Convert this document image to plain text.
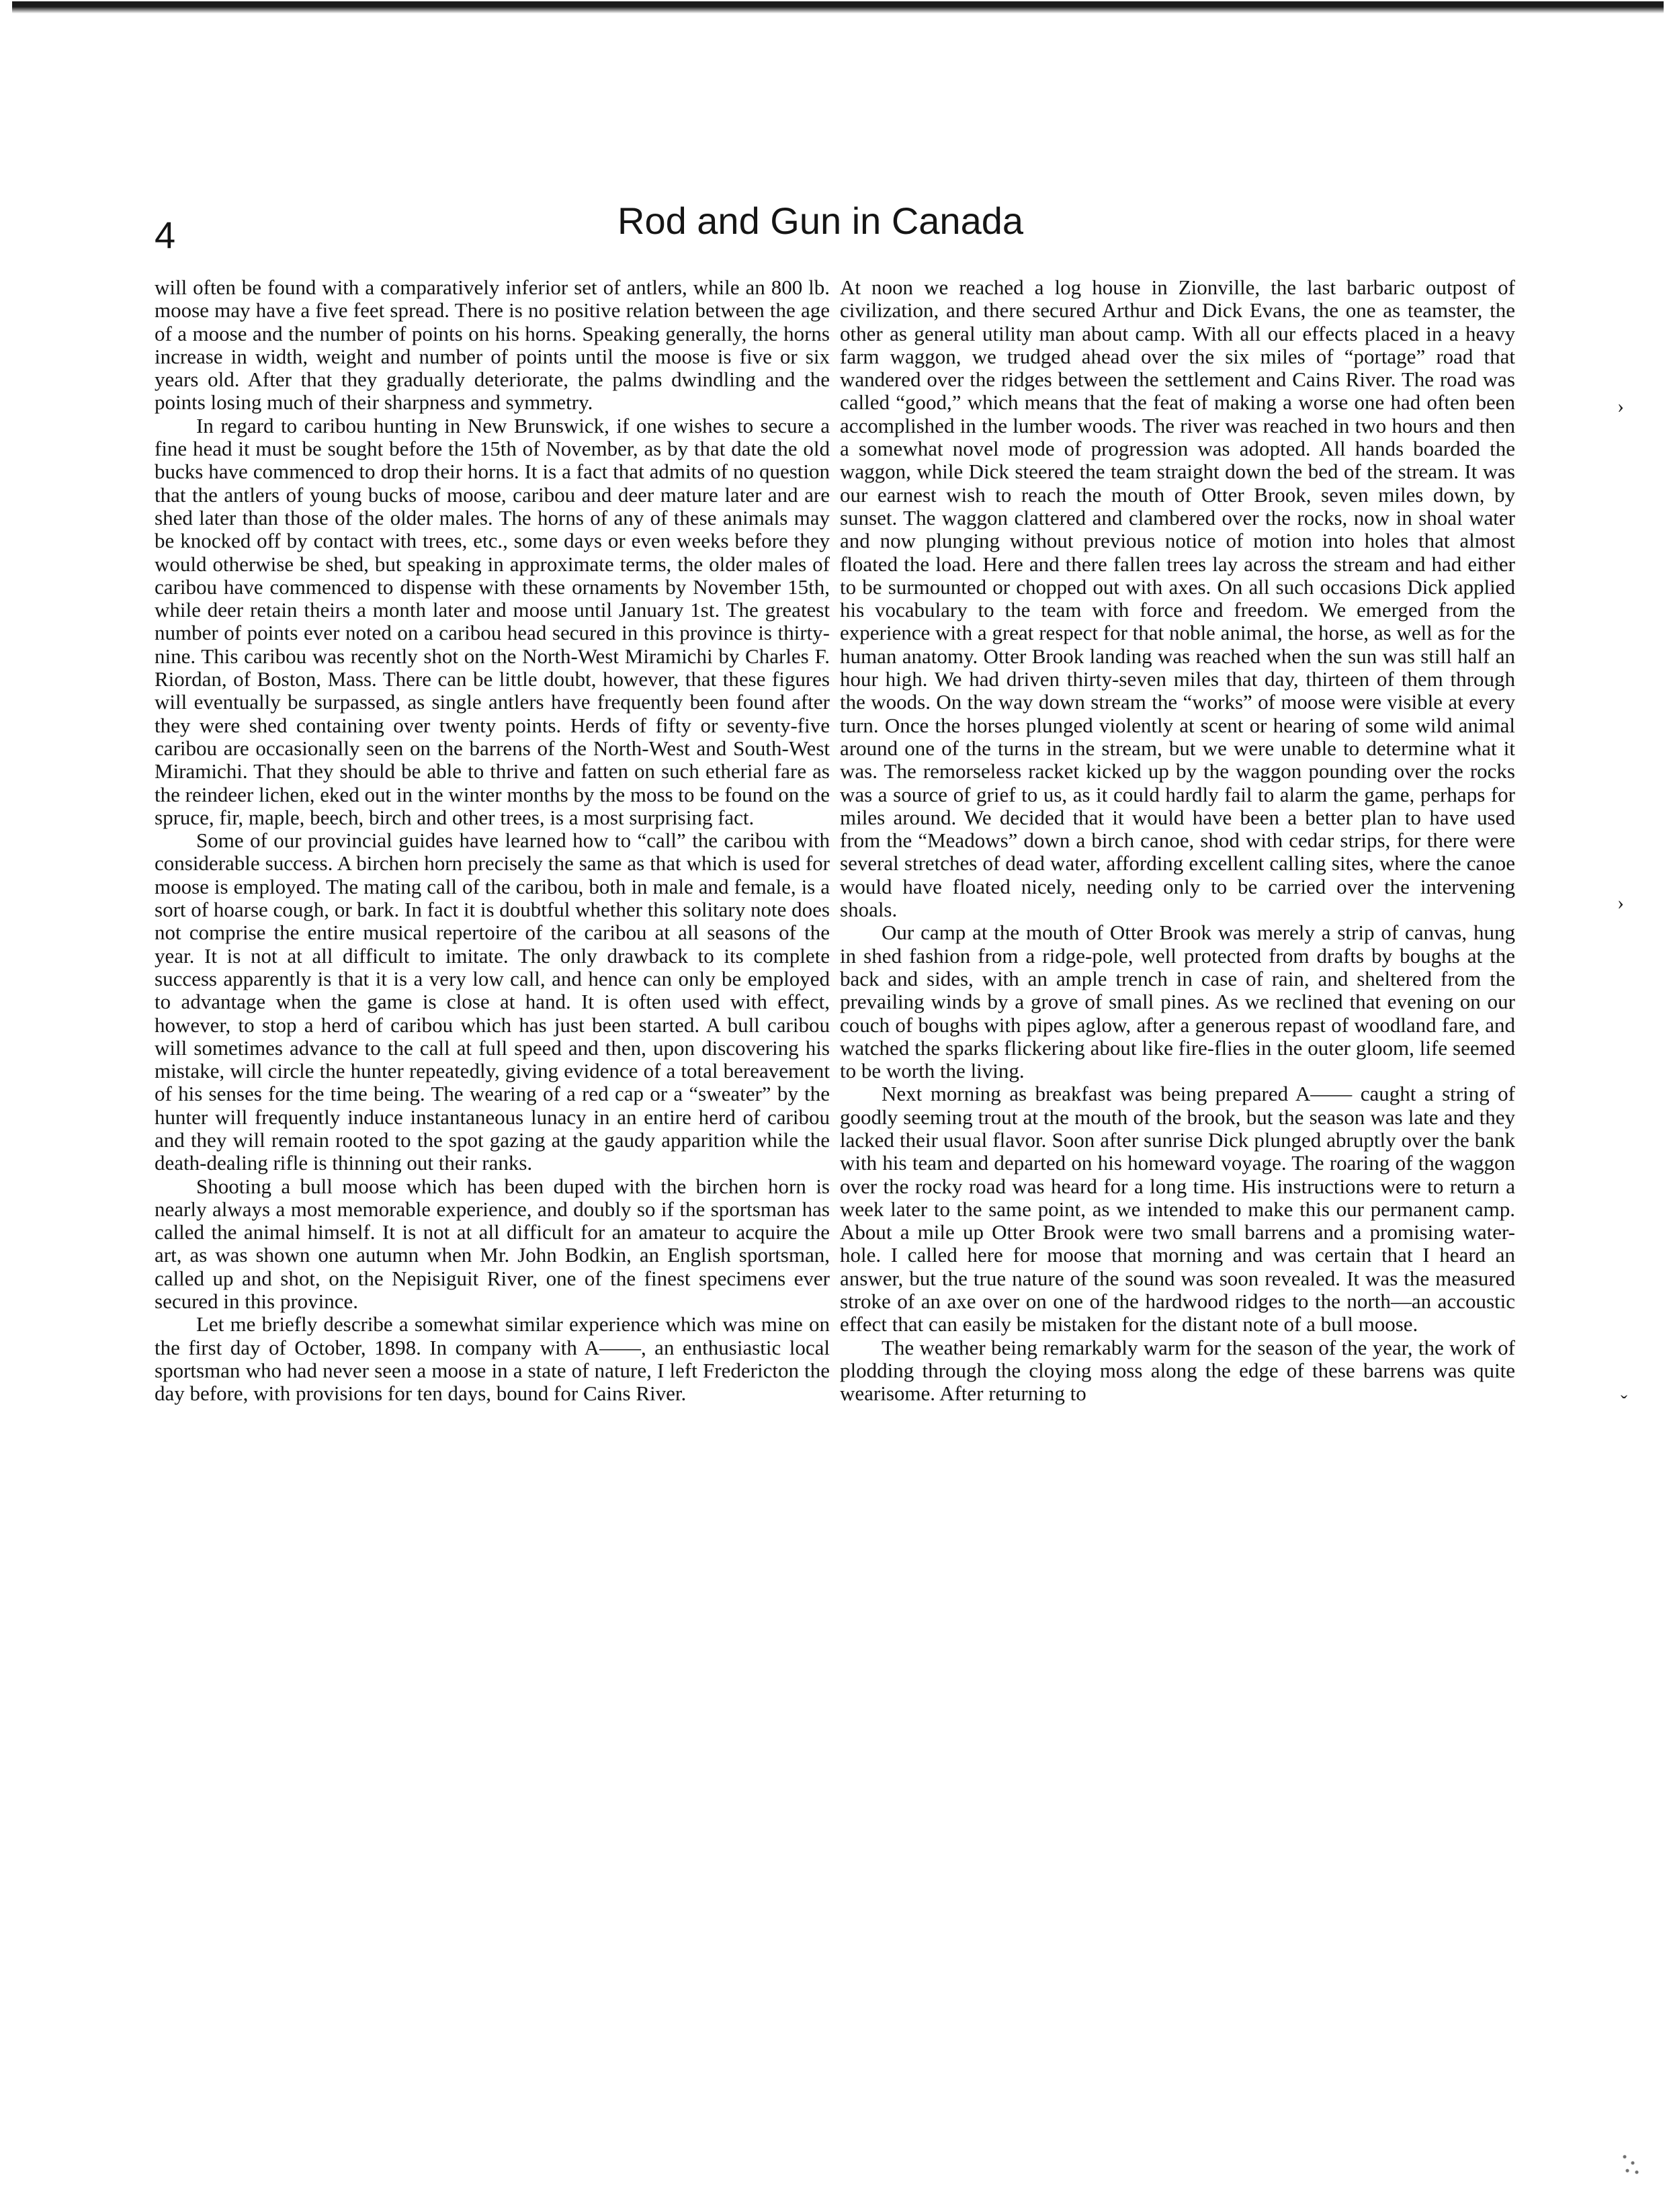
4	Rod and Gun in Canada

will often be found with a comparatively inferior set of antlers, while an 800 lb. moose may have a five feet spread. There is no positive relation between the age of a moose and the number of points on his horns. Speaking generally, the horns increase in width, weight and number of points until the moose is five or six years old. After that they gradually deteriorate, the palms dwindling and the points losing much of their sharpness and symmetry.

In regard to caribou hunting in New Brunswick, if one wishes to secure a fine head it must be sought before the 15th of November, as by that date the old bucks have commenced to drop their horns. It is a fact that admits of no question that the antlers of young bucks of moose, caribou and deer mature later and are shed later than those of the older males. The horns of any of these animals may be knocked off by contact with trees, etc., some days or even weeks before they would otherwise be shed, but speaking in approximate terms, the older males of caribou have commenced to dispense with these ornaments by November 15th, while deer retain theirs a month later and moose until January 1st. The greatest number of points ever noted on a caribou head secured in this province is thirty-nine. This caribou was recently shot on the North-West Miramichi by Charles F. Riordan, of Boston, Mass. There can be little doubt, however, that these figures will eventually be surpassed, as single antlers have frequently been found after they were shed containing over twenty points. Herds of fifty or seventy-five caribou are occasionally seen on the barrens of the North-West and South-West Miramichi. That they should be able to thrive and fatten on such etherial fare as the reindeer lichen, eked out in the winter months by the moss to be found on the spruce, fir, maple, beech, birch and other trees, is a most surprising fact.

Some of our provincial guides have learned how to “call” the caribou with considerable success. A birchen horn precisely the same as that which is used for moose is employed. The mating call of the caribou, both in male and female, is a sort of hoarse cough, or bark. In fact it is doubtful whether this solitary note does not comprise the entire musical repertoire of the caribou at all seasons of the year. It is not at all difficult to imitate. The only drawback to its complete success apparently is that it is a very low call, and hence can only be employed to advantage when the game is close at hand. It is often used with effect, however, to stop a herd of caribou which has just been started. A bull caribou will sometimes advance to the call at full speed and then, upon discovering his mistake, will circle the hunter repeatedly, giving evidence of a total bereavement of his senses for the time being. The wearing of a red cap or a “sweater” by the hunter will frequently induce instantaneous lunacy in an entire herd of caribou and they will remain rooted to the spot gazing at the gaudy apparition while the death-dealing rifle is thinning out their ranks.

Shooting a bull moose which has been duped with the birchen horn is nearly always a most memorable experience, and doubly so if the sportsman has called the animal himself. It is not at all difficult for an amateur to acquire the art, as was shown one autumn when Mr. John Bodkin, an English sportsman, called up and shot, on the Nepisiguit River, one of the finest specimens ever secured in this province.

Let me briefly describe a somewhat similar experience which was mine on the first day of October, 1898. In company with A——, an enthusiastic local sportsman who had never seen a moose in a state of nature, I left Fredericton the day before, with provisions for ten days, bound for Cains River.

At noon we reached a log house in Zionville, the last barbaric outpost of civilization, and there secured Arthur and Dick Evans, the one as teamster, the other as general utility man about camp. With all our effects placed in a heavy farm waggon, we trudged ahead over the six miles of “portage” road that wandered over the ridges between the settlement and Cains River. The road was called “good,” which means that the feat of making a worse one had often been accomplished in the lumber woods. The river was reached in two hours and then a somewhat novel mode of progression was adopted. All hands boarded the waggon, while Dick steered the team straight down the bed of the stream. It was our earnest wish to reach the mouth of Otter Brook, seven miles down, by sunset. The waggon clattered and clambered over the rocks, now in shoal water and now plunging without previous notice of motion into holes that almost floated the load. Here and there fallen trees lay across the stream and had either to be surmounted or chopped out with axes. On all such occasions Dick applied his vocabulary to the team with force and freedom. We emerged from the experience with a great respect for that noble animal, the horse, as well as for the human anatomy. Otter Brook landing was reached when the sun was still half an hour high. We had driven thirty-seven miles that day, thirteen of them through the woods. On the way down stream the “works” of moose were visible at every turn. Once the horses plunged violently at scent or hearing of some wild animal around one of the turns in the stream, but we were unable to determine what it was. The remorseless racket kicked up by the waggon pounding over the rocks was a source of grief to us, as it could hardly fail to alarm the game, perhaps for miles around. We decided that it would have been a better plan to have used from the “Meadows” down a birch canoe, shod with cedar strips, for there were several stretches of dead water, affording excellent calling sites, where the canoe would have floated nicely, needing only to be carried over the intervening shoals.

Our camp at the mouth of Otter Brook was merely a strip of canvas, hung in shed fashion from a ridge-pole, well protected from drafts by boughs at the back and sides, with an ample trench in case of rain, and sheltered from the prevailing winds by a grove of small pines. As we reclined that evening on our couch of boughs with pipes aglow, after a generous repast of woodland fare, and watched the sparks flickering about like fire-flies in the outer gloom, life seemed to be worth the living.

Next morning as breakfast was being prepared A—— caught a string of goodly seeming trout at the mouth of the brook, but the season was late and they lacked their usual flavor. Soon after sunrise Dick plunged abruptly over the bank with his team and departed on his homeward voyage. The roaring of the waggon over the rocky road was heard for a long time. His instructions were to return a week later to the same point, as we intended to make this our permanent camp. About a mile up Otter Brook were two small barrens and a promising water-hole. I called here for moose that morning and was certain that I heard an answer, but the true nature of the sound was soon revealed. It was the measured stroke of an axe over on one of the hardwood ridges to the north—an accoustic effect that can easily be mistaken for the distant note of a bull moose.

The weather being remarkably warm for the season of the year, the work of plodding through the cloying moss along the edge of these barrens was quite wearisome. After returning to

›
›
ˇ
